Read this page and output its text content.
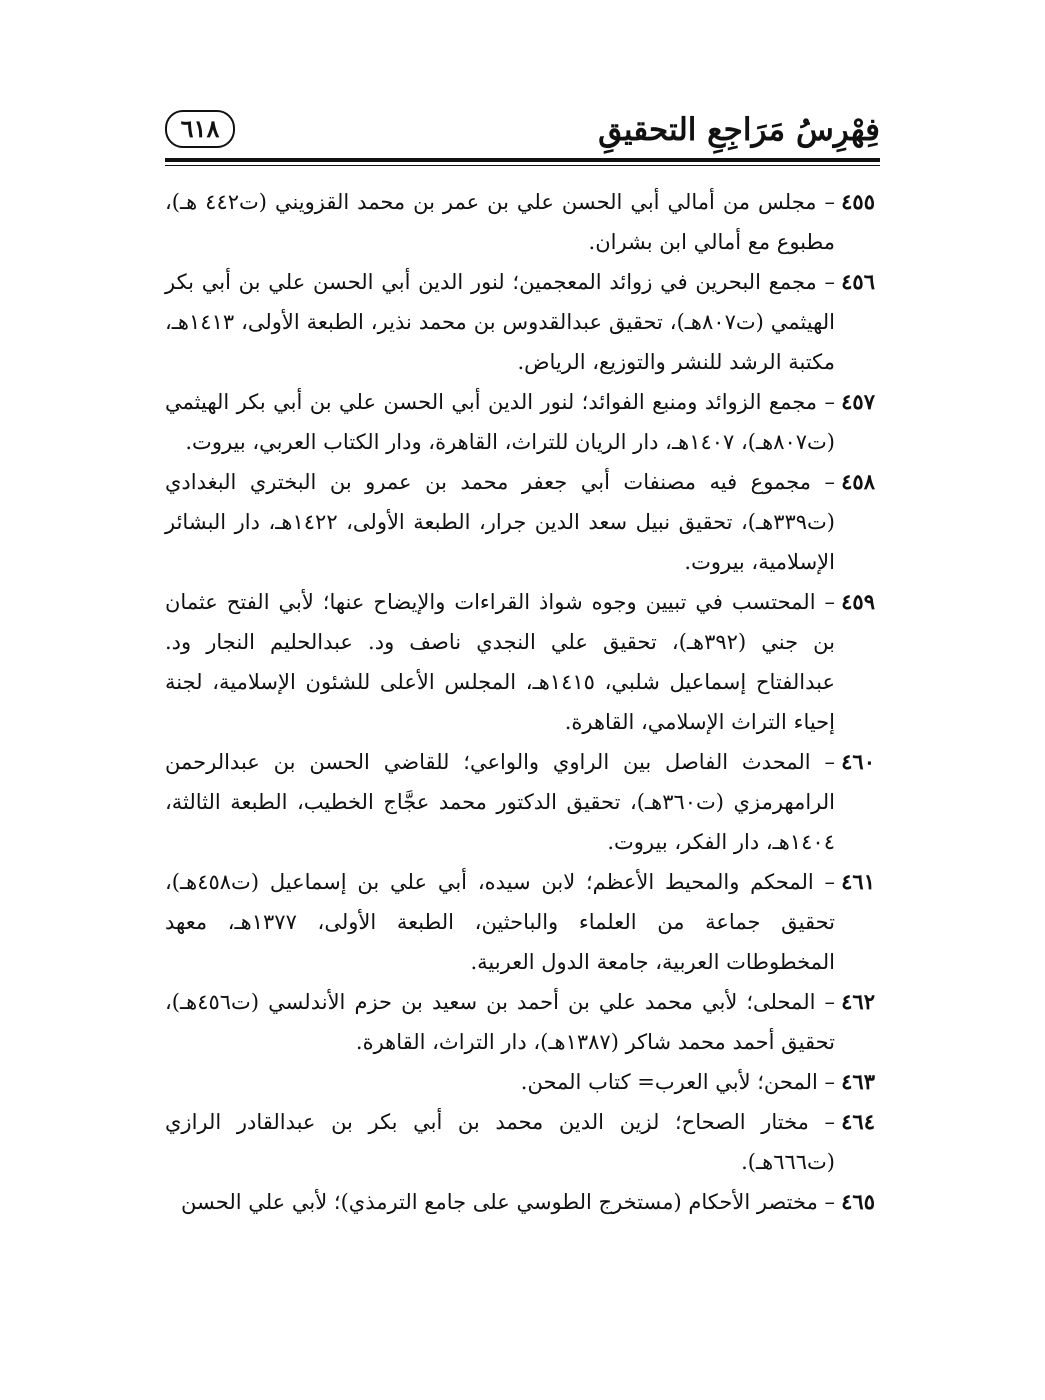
فِهْرِسُ مَرَاجِعِ التحقيقِ
٦١٨
٤٥٥
– مجلس من أمالي أبي الحسن علي بن عمر بن محمد القزويني (ت٤٤٢ هـ)، مطبوع مع أمالي ابن بشران.
٤٥٦
– مجمع البحرين في زوائد المعجمين؛ لنور الدين أبي الحسن علي بن أبي بكر الهيثمي (ت٨٠٧هـ)، تحقيق عبدالقدوس بن محمد نذير، الطبعة الأولى، ١٤١٣هـ، مكتبة الرشد للنشر والتوزيع، الرياض.
٤٥٧
– مجمع الزوائد ومنبع الفوائد؛ لنور الدين أبي الحسن علي بن أبي بكر الهيثمي (ت٨٠٧هـ)، ١٤٠٧هـ، دار الريان للتراث، القاهرة، ودار الكتاب العربي، بيروت.
٤٥٨
– مجموع فيه مصنفات أبي جعفر محمد بن عمرو بن البختري البغدادي (ت٣٣٩هـ)، تحقيق نبيل سعد الدين جرار، الطبعة الأولى، ١٤٢٢هـ، دار البشائر الإسلامية، بيروت.
٤٥٩
– المحتسب في تبيين وجوه شواذ القراءات والإيضاح عنها؛ لأبي الفتح عثمان بن جني (٣٩٢هـ)، تحقيق علي النجدي ناصف ود. عبدالحليم النجار ود. عبدالفتاح إسماعيل شلبي، ١٤١٥هـ، المجلس الأعلى للشئون الإسلامية، لجنة إحياء التراث الإسلامي، القاهرة.
٤٦٠
– المحدث الفاصل بين الراوي والواعي؛ للقاضي الحسن بن عبدالرحمن الرامهرمزي (ت٣٦٠هـ)، تحقيق الدكتور محمد عجَّاج الخطيب، الطبعة الثالثة، ١٤٠٤هـ، دار الفكر، بيروت.
٤٦١
– المحكم والمحيط الأعظم؛ لابن سيده، أبي علي بن إسماعيل (ت٤٥٨هـ)، تحقيق جماعة من العلماء والباحثين، الطبعة الأولى، ١٣٧٧هـ، معهد المخطوطات العربية، جامعة الدول العربية.
٤٦٢
– المحلى؛ لأبي محمد علي بن أحمد بن سعيد بن حزم الأندلسي (ت٤٥٦هـ)، تحقيق أحمد محمد شاكر (١٣٨٧هـ)، دار التراث، القاهرة.
٤٦٣
– المحن؛ لأبي العرب= كتاب المحن.
٤٦٤
– مختار الصحاح؛ لزين الدين محمد بن أبي بكر بن عبدالقادر الرازي (ت٦٦٦هـ).
٤٦٥
– مختصر الأحكام (مستخرج الطوسي على جامع الترمذي)؛ لأبي علي الحسن
